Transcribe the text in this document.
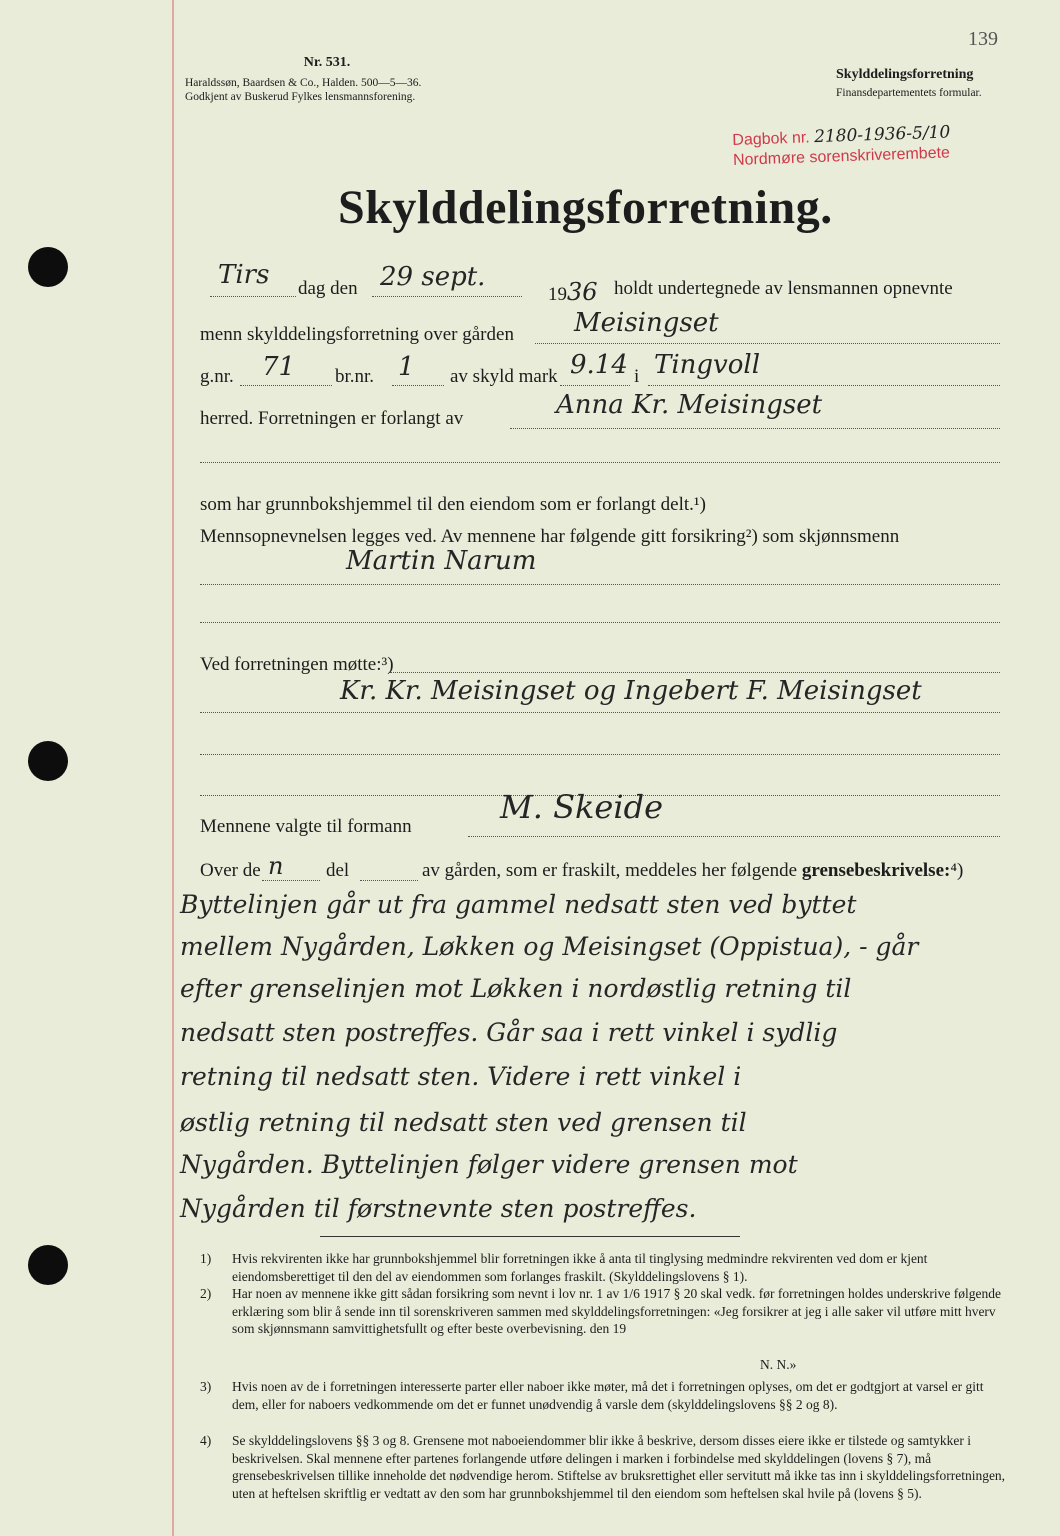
139
Nr. 531.
Haraldssøn, Baardsen & Co., Halden. 500—5—36.
Godkjent av Buskerud Fylkes lensmannsforening.
Skylddelingsforretning
Finansdepartementets formular.
Dagbok nr. 2180-1936-5/10
Nordmøre sorenskriverembete
Skylddelingsforretning.
Tirs dag den 29 sept.
1936 holdt undertegnede av lensmannen opnevnte
menn skylddelingsforretning over gården Meisingset
g.nr. 71 br.nr. 1 av skyld mark 9.14 i Tingvoll
herred. Forretningen er forlangt av	Anna Kr. Meisingset
som har grunnbokshjemmel til den eiendom som er forlangt delt.¹)
Mennsopnevnelsen legges ved. Av mennene har følgende gitt forsikring²) som skjønnsmenn
Martin Narum
Ved forretningen møtte:³)
Kr. Kr. Meisingset og Ingebert F. Meisingset
Mennene valgte til formann
M. Skeide
Over de n del	av gården, som er fraskilt, meddeles her følgende grensebeskrivelse:⁴)
Byttelinjen går ut fra gammel nedsatt sten ved byttet
mellem Nygården, Løkken og Meisingset (Oppistua), - går
efter grenselinjen mot Løkken i nordøstlig retning til
nedsatt sten postreffes. Går saa i rett vinkel i sydlig
retning til nedsatt sten. Videre i rett vinkel i
østlig retning til nedsatt sten ved grensen til
Nygården. Byttelinjen følger videre grensen mot
Nygården til førstnevnte sten postreffes.
1) Hvis rekvirenten ikke har grunnbokshjemmel blir forretningen ikke å anta til tinglysing medmindre rekvirenten ved dom er kjent eiendomsberettiget til den del av eiendommen som forlanges fraskilt. (Skylddelingslovens § 1).
2) Har noen av mennene ikke gitt sådan forsikring som nevnt i lov nr. 1 av 1/6 1917 § 20 skal vedk. før forretningen holdes underskrive følgende erklæring som blir å sende inn til sorenskriveren sammen med skylddelingsforretningen: «Jeg forsikrer at jeg i alle saker vil utføre mitt hverv som skjønnsmann samvittighetsfullt og efter beste overbevisning. den 19
N. N.»
3) Hvis noen av de i forretningen interesserte parter eller naboer ikke møter, må det i forretningen oplyses, om det er godtgjort at varsel er gitt dem, eller for naboers vedkommende om det er funnet unødvendig å varsle dem (skylddelingslovens §§ 2 og 8).
4) Se skylddelingslovens §§ 3 og 8. Grensene mot naboeiendommer blir ikke å beskrive, dersom disses eiere ikke er tilstede og samtykker i beskrivelsen. Skal mennene efter partenes forlangende utføre delingen i marken i forbindelse med skylddelingen (lovens § 7), må grensebeskrivelsen tillike inneholde det nødvendige herom. Stiftelse av bruksrettighet eller servitutt må ikke tas inn i skylddelingsforretningen, uten at heftelsen skriftlig er vedtatt av den som har grunnbokshjemmel til den eiendom som heftelsen skal hvile på (lovens § 5).
